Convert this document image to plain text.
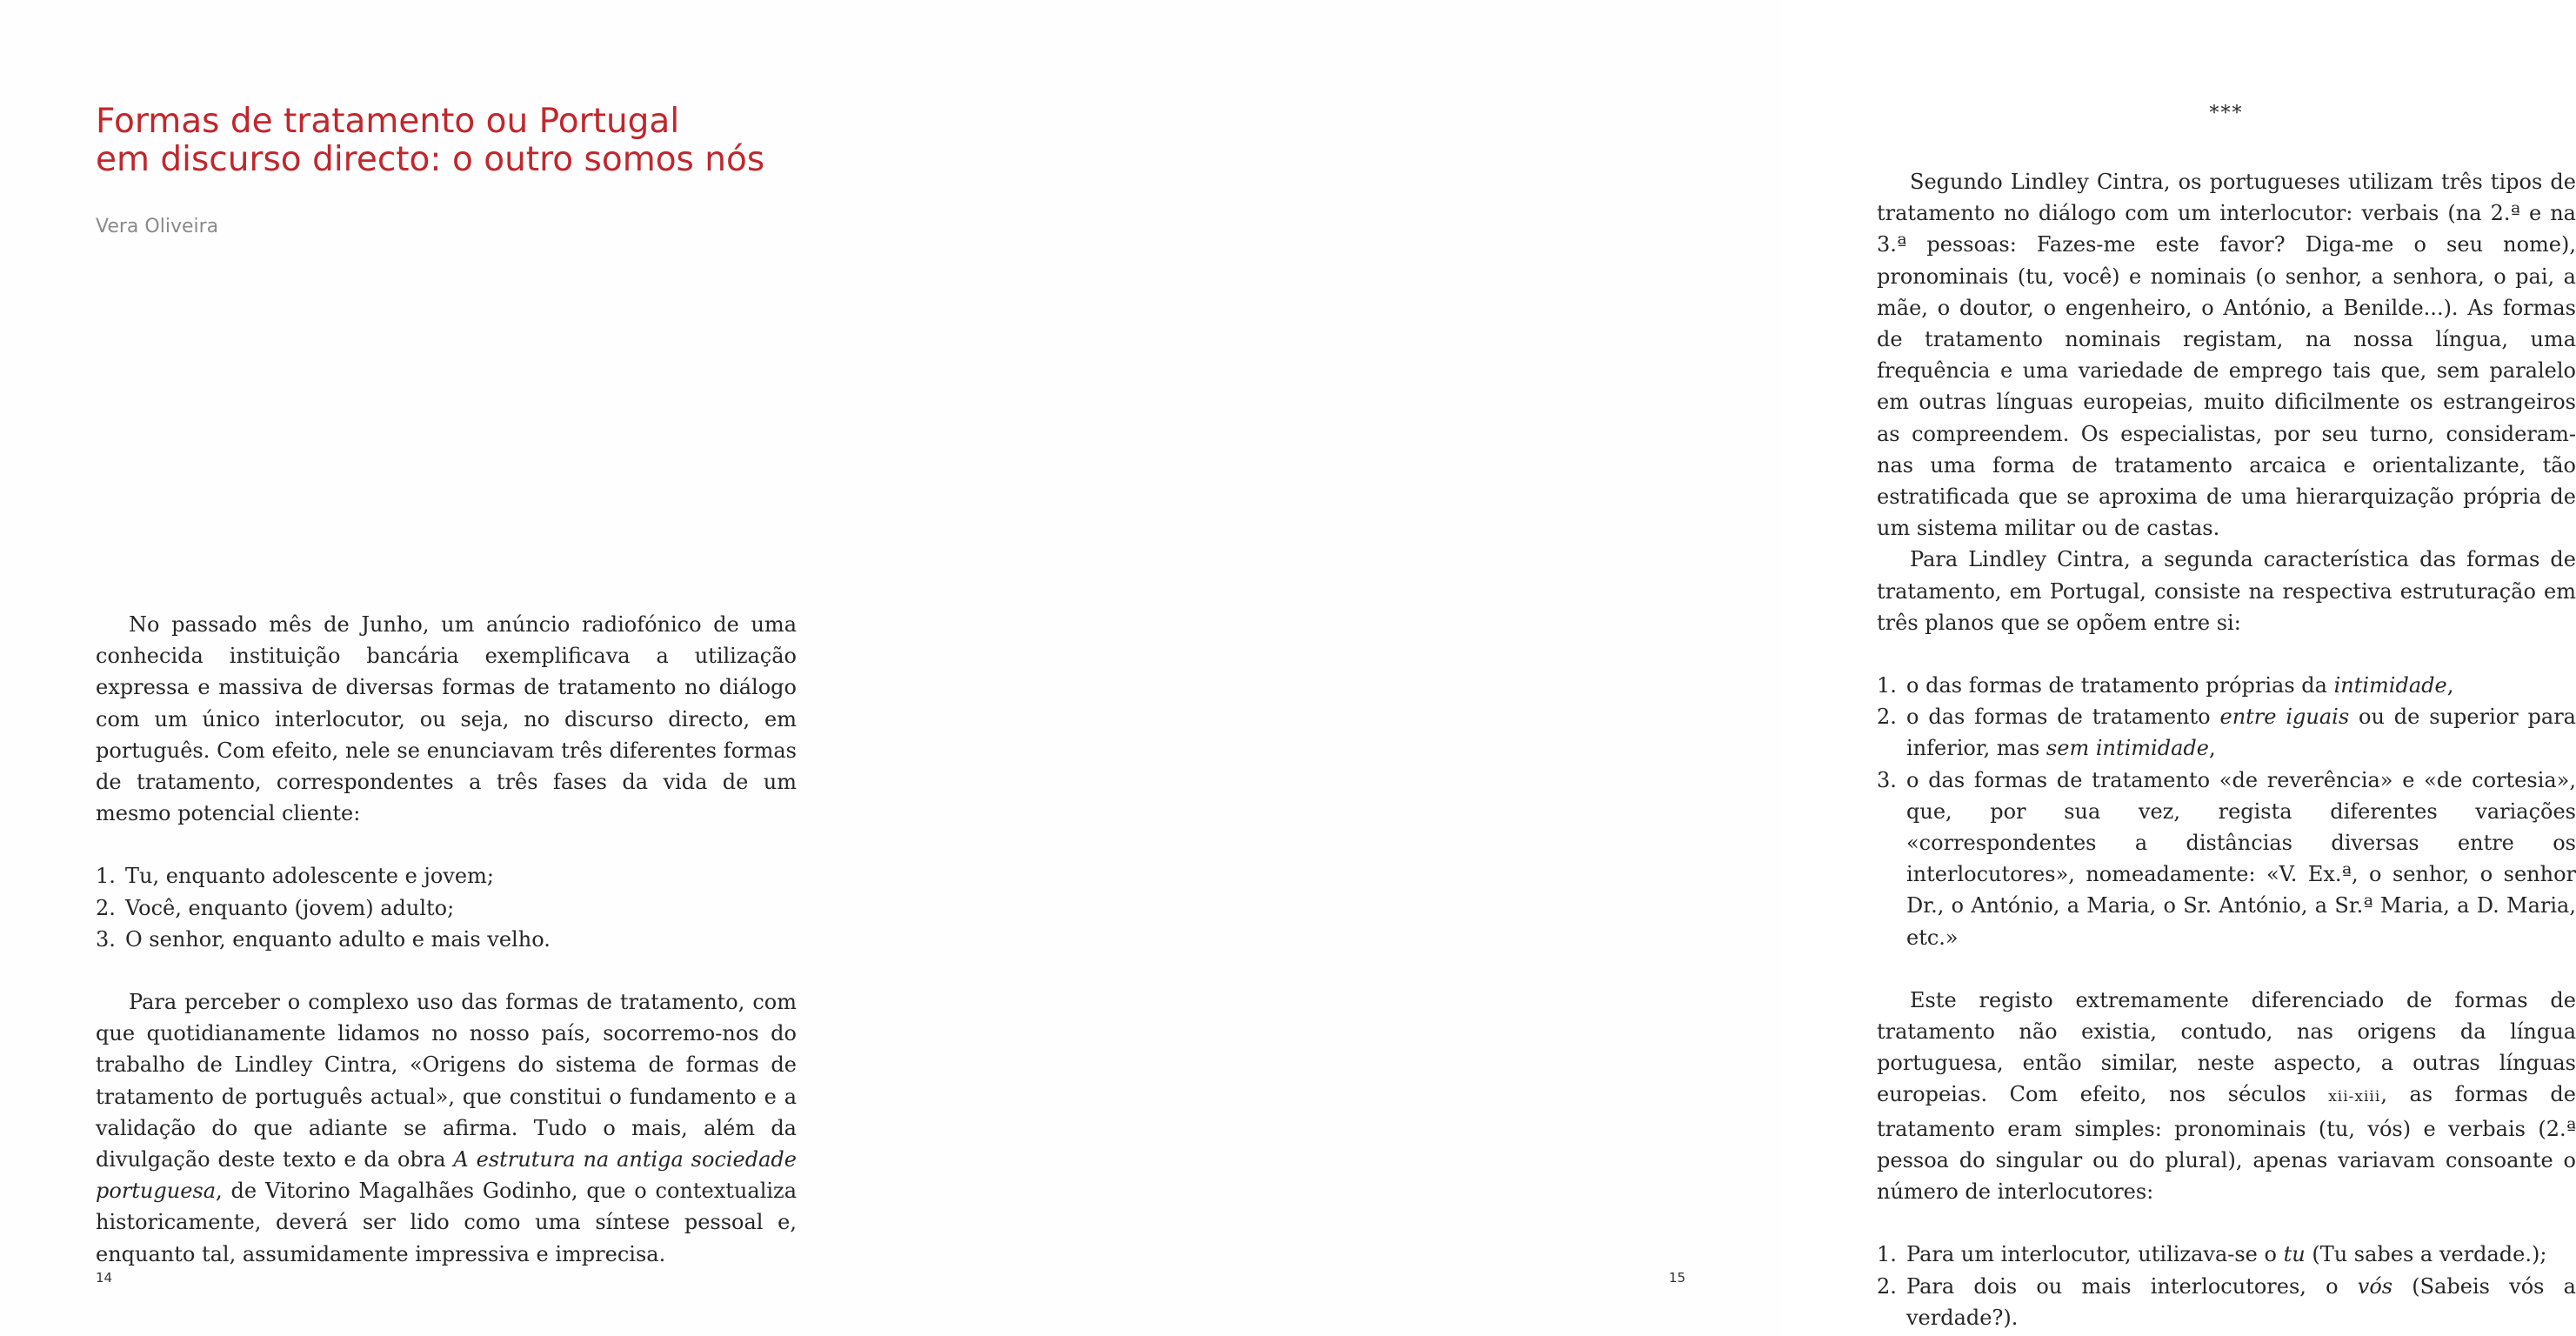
Formas de tratamento ou Portugal
em discurso directo: o outro somos nós
Vera Oliveira

No passado mês de Junho, um anúncio radiofónico de uma conhecida instituição bancária exemplificava a utilização expressa e massiva de diversas formas de tratamento no diálogo com um único interlocutor, ou seja, no discurso directo, em português. Com efeito, nele se enunciavam três diferentes formas de tratamento, correspondentes a três fases da vida de um mesmo potencial cliente:

1. Tu, enquanto adolescente e jovem;
2. Você, enquanto (jovem) adulto;
3. O senhor, enquanto adulto e mais velho.

Para perceber o complexo uso das formas de tratamento, com que quotidianamente lidamos no nosso país, socorremo-nos do trabalho de Lindley Cintra, «Origens do sistema de formas de tratamento de português actual», que constitui o fundamento e a validação do que adiante se afirma. Tudo o mais, além da divulgação deste texto e da obra A estrutura na antiga sociedade portuguesa, de Vitorino Magalhães Godinho, que o contextualiza historicamente, deverá ser lido como uma síntese pessoal e, enquanto tal, assumidamente impressiva e imprecisa.

14
***

Segundo Lindley Cintra, os portugueses utilizam três tipos de tratamento no diálogo com um interlocutor: verbais (na 2.ª e na 3.ª pessoas: Fazes-me este favor? Diga-me o seu nome), pronominais (tu, você) e nominais (o senhor, a senhora, o pai, a mãe, o doutor, o engenheiro, o António, a Benilde...). As formas de tratamento nominais registam, na nossa língua, uma frequência e uma variedade de emprego tais que, sem paralelo em outras línguas europeias, muito dificilmente os estrangeiros as compreendem. Os especialistas, por seu turno, consideram-nas uma forma de tratamento arcaica e orientalizante, tão estratificada que se aproxima de uma hierarquização própria de um sistema militar ou de castas.

Para Lindley Cintra, a segunda característica das formas de tratamento, em Portugal, consiste na respectiva estruturação em três planos que se opõem entre si:

1. o das formas de tratamento próprias da intimidade,
2. o das formas de tratamento entre iguais ou de superior para inferior, mas sem intimidade,
3. o das formas de tratamento «de reverência» e «de cortesia», que, por sua vez, regista diferentes variações «correspondentes a distâncias diversas entre os interlocutores», nomeadamente: «V. Ex.ª, o senhor, o senhor Dr., o António, a Maria, o Sr. António, a Sr.ª Maria, a D. Maria, etc.»

Este registo extremamente diferenciado de formas de tratamento não existia, contudo, nas origens da língua portuguesa, então similar, neste aspecto, a outras línguas europeias. Com efeito, nos séculos xii-xiii, as formas de tratamento eram simples: pronominais (tu, vós) e verbais (2.ª pessoa do singular ou do plural), apenas variavam consoante o número de interlocutores:

1. Para um interlocutor, utilizava-se o tu (Tu sabes a verdade.);
2. Para dois ou mais interlocutores, o vós (Sabeis vós a verdade?).
15
